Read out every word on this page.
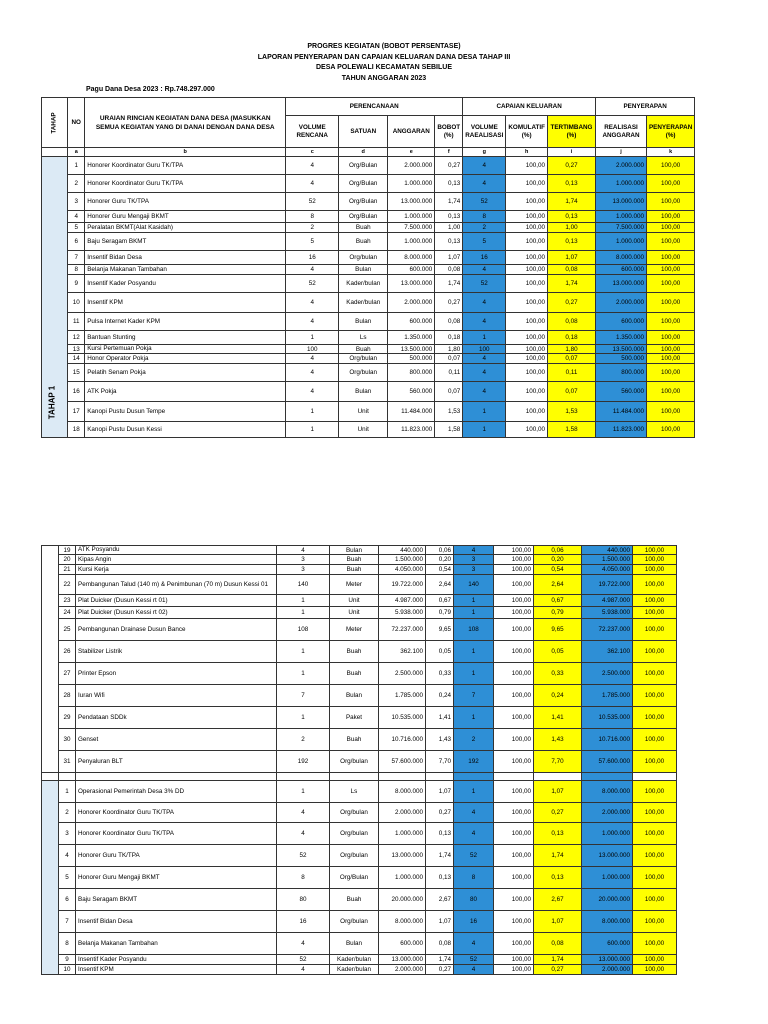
PROGRES KEGIATAN (BOBOT PERSENTASE)
LAPORAN PENYERAPAN DAN CAPAIAN KELUARAN DANA DESA TAHAP III
DESA POLEWALI KECAMATAN SEBILUE
TAHUN ANGGARAN 2023
Pagu Dana Desa 2023 : Rp.748.297.000
TAHAP	NO	URAIAN RINCIAN KEGIATAN DANA DESA (MASUKKAN SEMUA KEGIATAN YANG DI DANAI DENGAN DANA DESA	PERENCANAAN				CAPAIAN KELUARAN			PENYERAPAN	
			VOLUME RENCANA	SATUAN	ANGGARAN	BOBOT (%)	VOLUME RAEALISASI	KOMULATIF (%)	TERTIMBANG (%)	REALISASI ANGGARAN	PENYERAPAN (%)
	a	b	c	d	e	f	g	h	i	j	k

TAHAP 1	1	Honorer Koordinator Guru TK/TPA	4	Org/Bulan	2.000.000	0,27	4	100,00	0,27	2.000.000	100,00
	2	Honorer Koordinator Guru TK/TPA	4	Org/Bulan	1.000.000	0,13	4	100,00	0,13	1.000.000	100,00
	3	Honorer Guru TK/TPA	52	Org/Bulan	13.000.000	1,74	52	100,00	1,74	13.000.000	100,00
	4	Honorer Guru Mengaji BKMT	8	Org/Bulan	1.000.000	0,13	8	100,00	0,13	1.000.000	100,00
	5	Peralatan BKMT(Alat Kasidah)	2	Buah	7.500.000	1,00	2	100,00	1,00	7.500.000	100,00
	6	Baju Seragam BKMT	5	Buah	1.000.000	0,13	5	100,00	0,13	1.000.000	100,00
	7	Insentif Bidan Desa	16	Org/bulan	8.000.000	1,07	16	100,00	1,07	8.000.000	100,00
	8	Belanja Makanan Tambahan	4	Bulan	600.000	0,08	4	100,00	0,08	600.000	100,00
	9	Insentif Kader Posyandu	52	Kader/bulan	13.000.000	1,74	52	100,00	1,74	13.000.000	100,00
	10	Insentif KPM	4	Kader/bulan	2.000.000	0,27	4	100,00	0,27	2.000.000	100,00
	11	Pulsa Internet Kader KPM	4	Bulan	600.000	0,08	4	100,00	0,08	600.000	100,00
	12	Bantuan Stunting	1	Ls	1.350.000	0,18	1	100,00	0,18	1.350.000	100,00
	13	Kursi Pertemuan Pokja	100	Buah	13.500.000	1,80	100	100,00	1,80	13.500.000	100,00
	14	Honor Operator Pokja	4	Org/bulan	500.000	0,07	4	100,00	0,07	500.000	100,00
	15	Pelatih Senam Pokja	4	Org/bulan	800.000	0,11	4	100,00	0,11	800.000	100,00
	16	ATK Pokja	4	Bulan	560.000	0,07	4	100,00	0,07	560.000	100,00
	17	Kanopi Pustu Dusun Tempe	1	Unit	11.484.000	1,53	1	100,00	1,53	11.484.000	100,00
	18	Kanopi Pustu Dusun Kessi	1	Unit	11.823.000	1,58	1	100,00	1,58	11.823.000	100,00
	19	ATK Posyandu	4	Bulan	440.000	0,06	4	100,00	0,06	440.000	100,00
	20	Kipas Angin	3	Buah	1.500.000	0,20	3	100,00	0,20	1.500.000	100,00
	21	Kursi Kerja	3	Buah	4.050.000	0,54	3	100,00	0,54	4.050.000	100,00
	22	Pembangunan Talud (140 m) & Penimbunan (70 m) Dusun Kessi 01	140	Meter	19.722.000	2,64	140	100,00	2,64	19.722.000	100,00
	23	Plat Duicker (Dusun Kessi rt 01)	1	Unit	4.987.000	0,67	1	100,00	0,67	4.987.000	100,00
	24	Plat Duicker (Dusun Kessi rt 02)	1	Unit	5.938.000	0,79	1	100,00	0,79	5.938.000	100,00
	25	Pembangunan Drainase Dusun Bance	108	Meter	72.237.000	9,65	108	100,00	9,65	72.237.000	100,00
	26	Stabilizer Listrik	1	Buah	362.100	0,05	1	100,00	0,05	362.100	100,00
	27	Printer Epson	1	Buah	2.500.000	0,33	1	100,00	0,33	2.500.000	100,00
	28	Iuran Wifi	7	Bulan	1.785.000	0,24	7	100,00	0,24	1.785.000	100,00
	29	Pendataan SDDk	1	Paket	10.535.000	1,41	1	100,00	1,41	10.535.000	100,00
	30	Genset	2	Buah	10.716.000	1,43	2	100,00	1,43	10.716.000	100,00
	31	Penyaluran BLT	192	Org/bulan	57.600.000	7,70	192	100,00	7,70	57.600.000	100,00

	1	Operasional Pemerintah Desa 3% DD	1	Ls	8.000.000	1,07	1	100,00	1,07	8.000.000	100,00
	2	Honorer Koordinator Guru TK/TPA	4	Org/bulan	2.000.000	0,27	4	100,00	0,27	2.000.000	100,00
	3	Honorer Koordinator Guru TK/TPA	4	Org/bulan	1.000.000	0,13	4	100,00	0,13	1.000.000	100,00
	4	Honorer Guru TK/TPA	52	Org/bulan	13.000.000	1,74	52	100,00	1,74	13.000.000	100,00
	5	Honorer Guru Mengaji BKMT	8	Org/Bulan	1.000.000	0,13	8	100,00	0,13	1.000.000	100,00
	6	Baju Seragam BKMT	80	Buah	20.000.000	2,67	80	100,00	2,67	20.000.000	100,00
	7	Insentif Bidan Desa	16	Org/bulan	8.000.000	1,07	16	100,00	1,07	8.000.000	100,00
	8	Belanja Makanan Tambahan	4	Bulan	600.000	0,08	4	100,00	0,08	600.000	100,00
	9	Insentif Kader Posyandu	52	Kader/bulan	13.000.000	1,74	52	100,00	1,74	13.000.000	100,00
	10	Insentif KPM	4	Kader/bulan	2.000.000	0,27	4	100,00	0,27	2.000.000	100,00
